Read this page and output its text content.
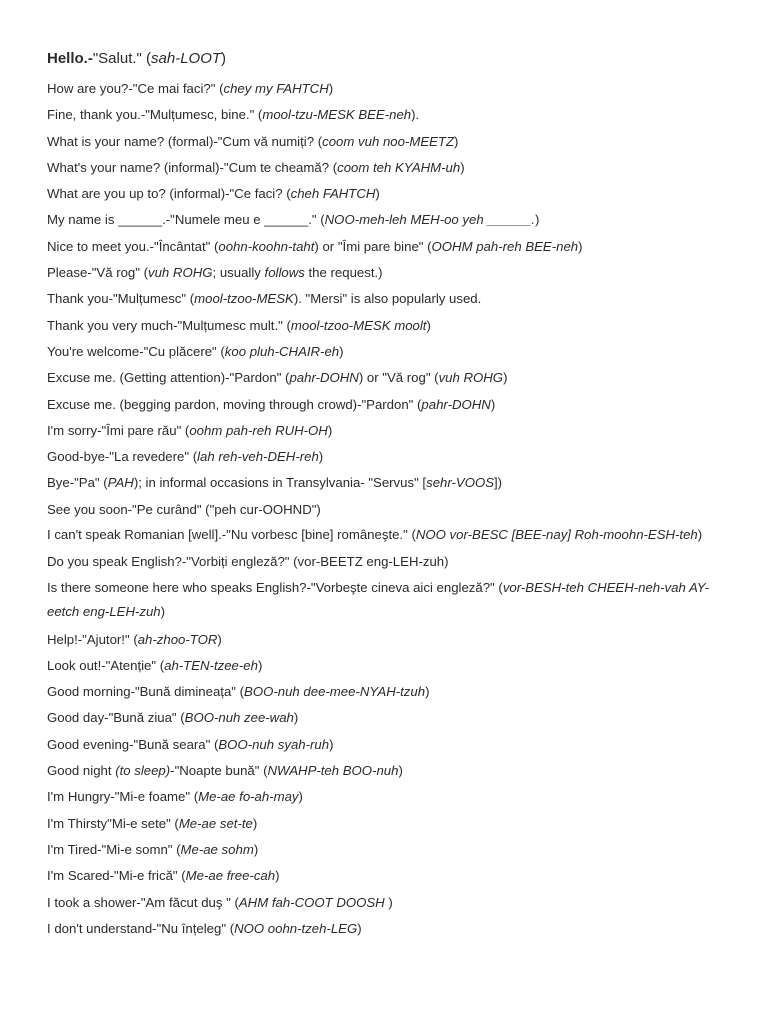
Hello.-"Salut." (sah-LOOT)
How are you?-"Ce mai faci?" (chey my FAHTCH)
Fine, thank you.-"Mulțumesc, bine." (mool-tzu-MESK BEE-neh).
What is your name? (formal)-"Cum vă numiți? (coom vuh noo-MEETZ)
What's your name? (informal)-"Cum te cheamă? (coom teh KYAHM-uh)
What are you up to? (informal)-"Ce faci? (cheh FAHTCH)
My name is ______.-"Numele meu e ______." (NOO-meh-leh MEH-oo yeh ______.)
Nice to meet you.-"Încântat" (oohn-koohn-taht) or "Îmi pare bine" (OOHM pah-reh BEE-neh)
Please-"Vă rog" (vuh ROHG; usually follows the request.)
Thank you-"Mulțumesc" (mool-tzoo-MESK). "Mersi" is also popularly used.
Thank you very much-"Mulțumesc mult." (mool-tzoo-MESK moolt)
You're welcome-"Cu plăcere" (koo pluh-CHAIR-eh)
Excuse me. (Getting attention)-"Pardon" (pahr-DOHN) or "Vă rog" (vuh ROHG)
Excuse me. (begging pardon, moving through crowd)-"Pardon" (pahr-DOHN)
I'm sorry-"Îmi pare rău" (oohm pah-reh RUH-OH)
Good-bye-"La revedere" (lah reh-veh-DEH-reh)
Bye-"Pa" (PAH); in informal occasions in Transylvania- "Servus" [sehr-VOOS])
See you soon-"Pe curând" ("peh cur-OOHND")
I can't speak Romanian [well].-"Nu vorbesc [bine] româneşte." (NOO vor-BESC [BEE-nay] Roh-moohn-ESH-teh)
Do you speak English?-"Vorbiți engleză?" (vor-BEETZ eng-LEH-zuh)
Is there someone here who speaks English?-"Vorbeşte cineva aici engleză?" (vor-BESH-teh CHEEH-neh-vah AY-eetch eng-LEH-zuh)
Help!-"Ajutor!" (ah-zhoo-TOR)
Look out!-"Atenție" (ah-TEN-tzee-eh)
Good morning-"Bună dimineața" (BOO-nuh dee-mee-NYAH-tzuh)
Good day-"Bună ziua" (BOO-nuh zee-wah)
Good evening-"Bună seara" (BOO-nuh syah-ruh)
Good night (to sleep)-"Noapte bună" (NWAHP-teh BOO-nuh)
I'm Hungry-"Mi-e foame" (Me-ae fo-ah-may)
I'm Thirsty"Mi-e sete" (Me-ae set-te)
I'm Tired-"Mi-e somn" (Me-ae sohm)
I'm Scared-"Mi-e frică" (Me-ae free-cah)
I took a shower-"Am făcut duş " (AHM fah-COOT DOOSH )
I don't understand-"Nu înțeleg" (NOO oohn-tzeh-LEG)
